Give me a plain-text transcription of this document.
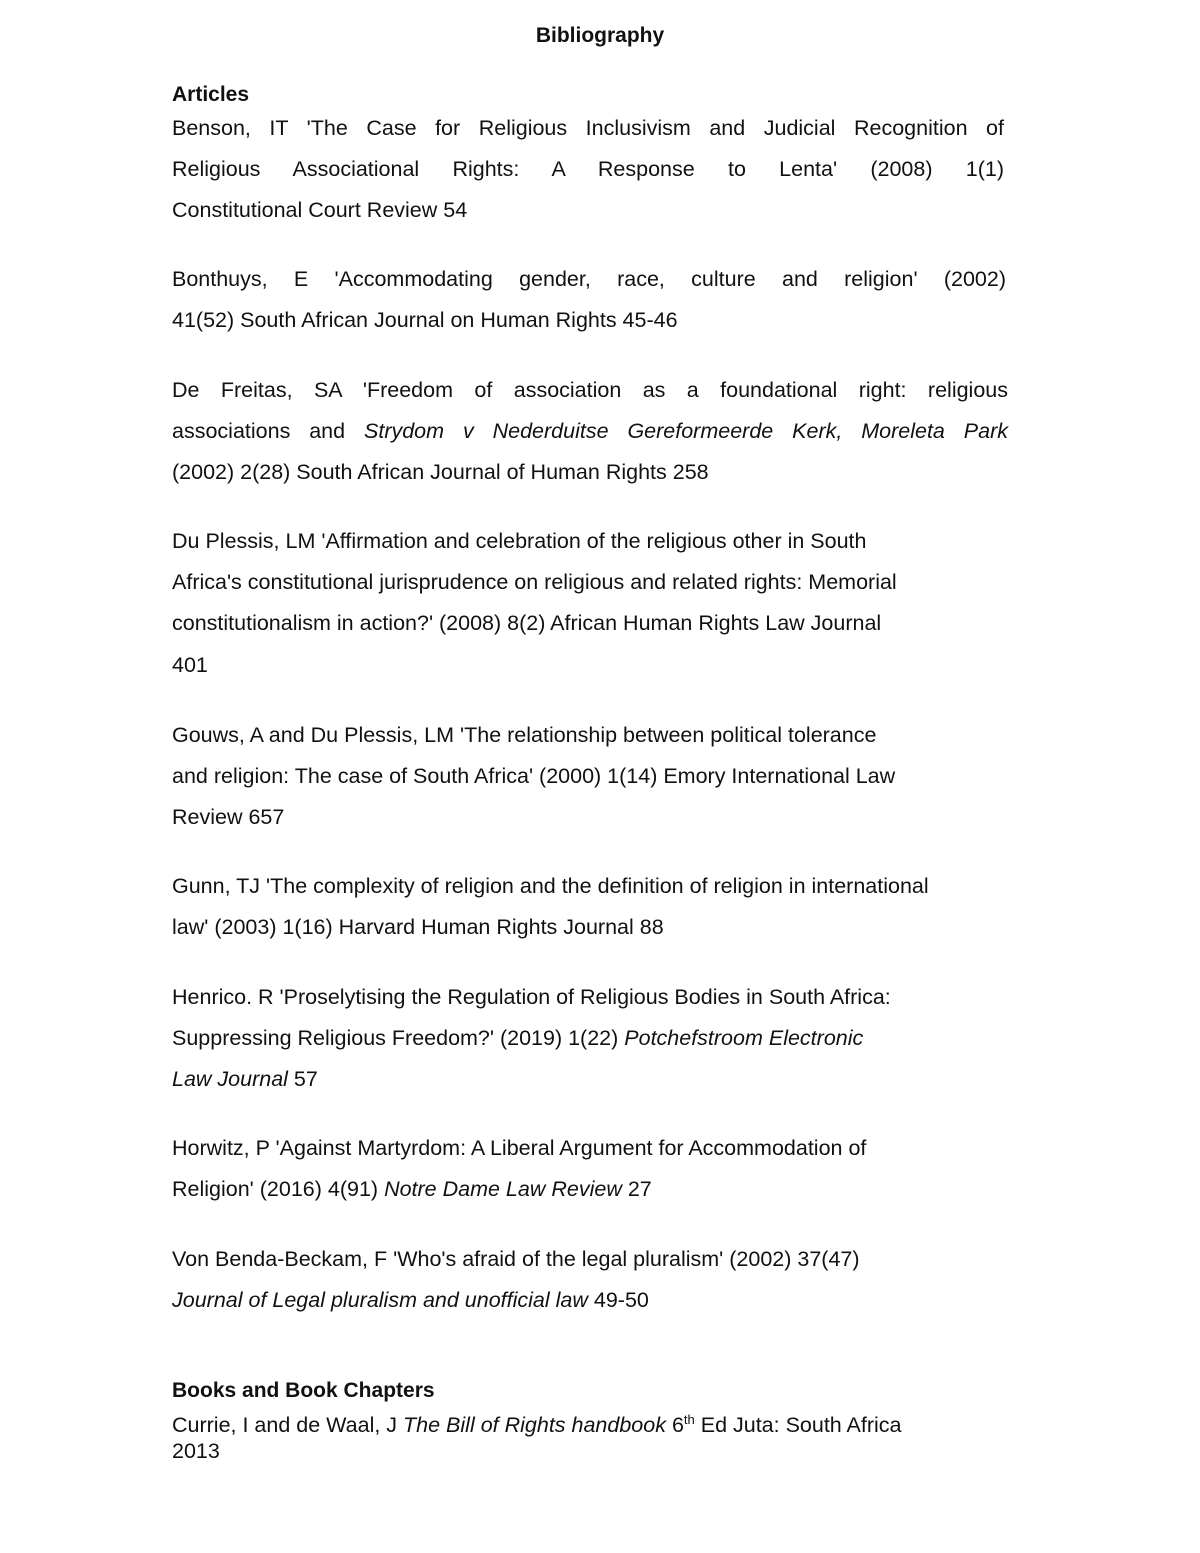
Bibliography
Articles
Benson, IT 'The Case for Religious Inclusivism and Judicial Recognition of
Religious Associational Rights: A Response to Lenta' (2008) 1(1)
Constitutional Court Review 54
Bonthuys, E 'Accommodating gender, race, culture and religion' (2002)
41(52) South African Journal on Human Rights 45-46
De Freitas, SA 'Freedom of association as a foundational right: religious
associations and Strydom v Nederduitse Gereformeerde Kerk, Moreleta Park
(2002) 2(28) South African Journal of Human Rights 258
Du Plessis, LM 'Affirmation and celebration of the religious other in South
Africa's constitutional jurisprudence on religious and related rights: Memorial
constitutionalism in action?' (2008) 8(2) African Human Rights Law Journal
401
Gouws, A and Du Plessis, LM 'The relationship between political tolerance
and religion: The case of South Africa' (2000) 1(14) Emory International Law
Review 657
Gunn, TJ 'The complexity of religion and the definition of religion in international
law' (2003) 1(16) Harvard Human Rights Journal 88
Henrico. R 'Proselytising the Regulation of Religious Bodies in South Africa:
Suppressing Religious Freedom?' (2019) 1(22) Potchefstroom Electronic
Law Journal 57
Horwitz, P 'Against Martyrdom: A Liberal Argument for Accommodation of
Religion' (2016) 4(91) Notre Dame Law Review 27
Von Benda-Beckam, F 'Who's afraid of the legal pluralism' (2002) 37(47)
Journal of Legal pluralism and unofficial law 49-50
Books and Book Chapters
Currie, I and de Waal, J The Bill of Rights handbook 6th Ed Juta: South Africa
2013
